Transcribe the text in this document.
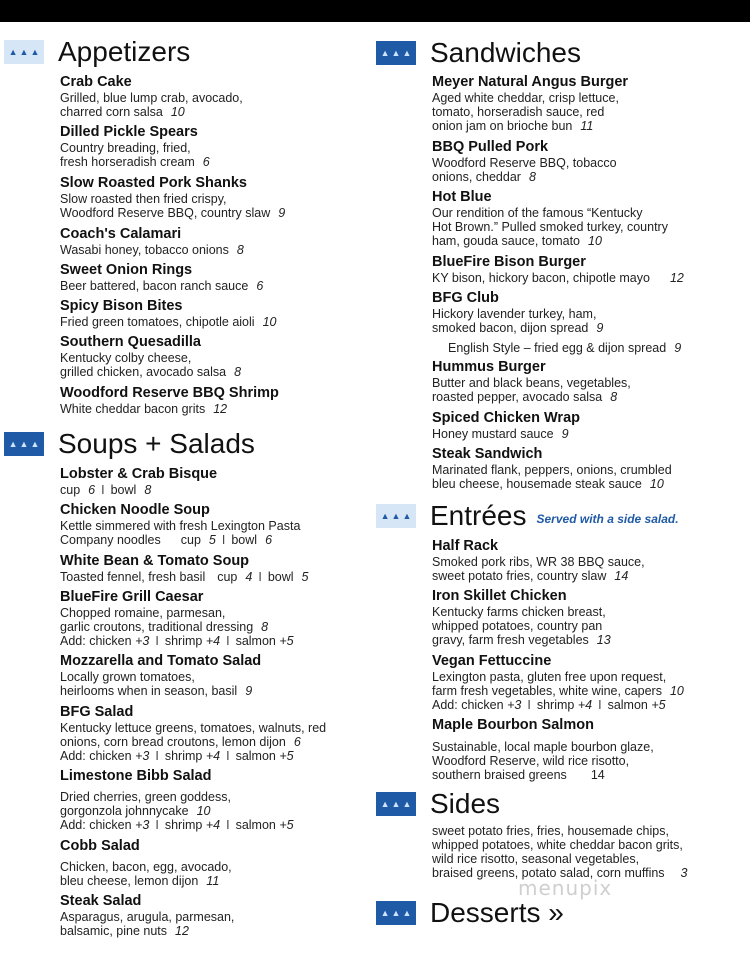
▲ ▲ ▲ Appetizers
Crab Cake
Grilled, blue lump crab, avocado,
charred corn salsa 10
Dilled Pickle Spears
Country breading, fried,
fresh horseradish cream 6
Slow Roasted Pork Shanks
Slow roasted then fried crispy,
Woodford Reserve BBQ, country slaw 9
Coach's Calamari
Wasabi honey, tobacco onions 8
Sweet Onion Rings
Beer battered, bacon ranch sauce 6
Spicy Bison Bites
Fried green tomatoes, chipotle aioli 10
Southern Quesadilla
Kentucky colby cheese,
grilled chicken, avocado salsa 8
Woodford Reserve BBQ Shrimp
White cheddar bacon grits 12
▲ ▲ ▲ Soups + Salads
Lobster & Crab Bisque
cup 6 I bowl 8
Chicken Noodle Soup
Kettle simmered with fresh Lexington Pasta
Company noodles cup 5 I bowl 6
White Bean & Tomato Soup
Toasted fennel, fresh basil cup 4 I bowl 5
BlueFire Grill Caesar
Chopped romaine, parmesan,
garlic croutons, traditional dressing 8
Add: chicken +3 I shrimp +4 I salmon +5
Mozzarella and Tomato Salad
Locally grown tomatoes,
heirlooms when in season, basil 9
BFG Salad
Kentucky lettuce greens, tomatoes, walnuts, red
onions, corn bread croutons, lemon dijon 6
Add: chicken +3 I shrimp +4 I salmon +5
Limestone Bibb Salad
Dried cherries, green goddess,
gorgonzola johnnycake 10
Add: chicken +3 I shrimp +4 I salmon +5
Cobb Salad
Chicken, bacon, egg, avocado,
bleu cheese, lemon dijon 11
Steak Salad
Asparagus, arugula, parmesan,
balsamic, pine nuts 12
▲ ▲ ▲ Sandwiches
Meyer Natural Angus Burger
Aged white cheddar, crisp lettuce,
tomato, horseradish sauce, red
onion jam on brioche bun 11
BBQ Pulled Pork
Woodford Reserve BBQ, tobacco
onions, cheddar 8
Hot Blue
Our rendition of the famous “Kentucky
Hot Brown.” Pulled smoked turkey, country
ham, gouda sauce, tomato 10
BlueFire Bison Burger
KY bison, hickory bacon, chipotle mayo 12
BFG Club
Hickory lavender turkey, ham,
smoked bacon, dijon spread 9
English Style – fried egg & dijon spread 9
Hummus Burger
Butter and black beans, vegetables,
roasted pepper, avocado salsa 8
Spiced Chicken Wrap
Honey mustard sauce 9
Steak Sandwich
Marinated flank, peppers, onions, crumbled
bleu cheese, housemade steak sauce 10
▲ ▲ ▲ Entrées Served with a side salad.
Half Rack
Smoked pork ribs, WR 38 BBQ sauce,
sweet potato fries, country slaw 14
Iron Skillet Chicken
Kentucky farms chicken breast,
whipped potatoes, country pan
gravy, farm fresh vegetables 13
Vegan Fettuccine
Lexington pasta, gluten free upon request,
farm fresh vegetables, white wine, capers 10
Add: chicken +3 I shrimp +4 I salmon +5
Maple Bourbon Salmon
Sustainable, local maple bourbon glaze,
Woodford Reserve, wild rice risotto,
southern braised greens 14
▲ ▲ ▲ Sides
sweet potato fries, fries, housemade chips,
whipped potatoes, white cheddar bacon grits,
wild rice risotto, seasonal vegetables,
braised greens, potato salad, corn muffins 3
▲ ▲ ▲ Desserts »
menupix
